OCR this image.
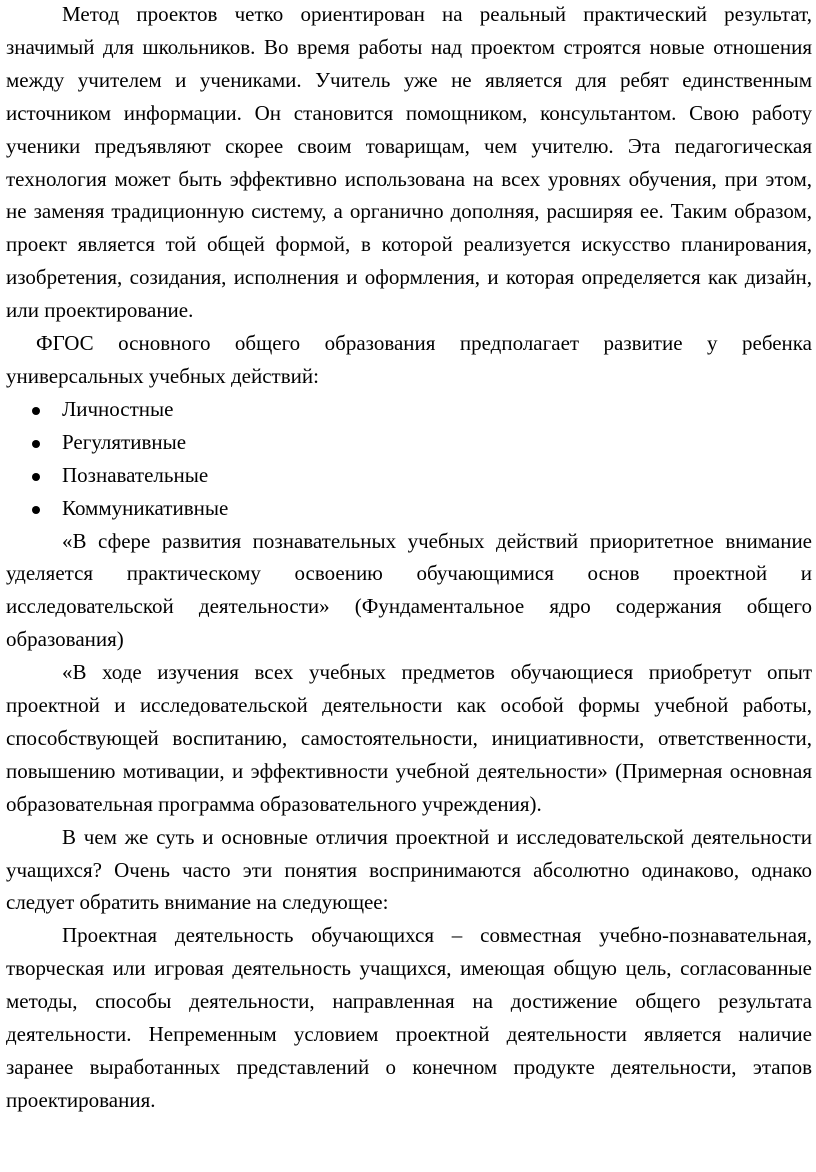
Метод проектов четко ориентирован на реальный практический результат, значимый для школьников. Во время работы над проектом строятся новые отношения между учителем и учениками. Учитель уже не является для ребят единственным источником информации. Он становится помощником, консультантом. Свою работу ученики предъявляют скорее своим товарищам, чем учителю. Эта педагогическая технология может быть эффективно использована на всех уровнях обучения, при этом, не заменяя традиционную систему, а органично дополняя, расширяя ее. Таким образом, проект является той общей формой, в которой реализуется искусство планирования, изобретения, созидания, исполнения и оформления, и которая определяется как дизайн, или проектирование.

ФГОС основного общего образования предполагает развитие у ребенка универсальных учебных действий:

Личностные
Регулятивные
Познавательные
Коммуникативные

«В сфере развития познавательных учебных действий приоритетное внимание уделяется практическому освоению обучающимися основ проектной и исследовательской деятельности» (Фундаментальное ядро содержания общего образования)

«В ходе изучения всех учебных предметов обучающиеся приобретут опыт проектной и исследовательской деятельности как особой формы учебной работы, способствующей воспитанию, самостоятельности, инициативности, ответственности, повышению мотивации, и эффективности учебной деятельности» (Примерная основная образовательная программа образовательного учреждения).

В чем же суть и основные отличия проектной и исследовательской деятельности учащихся? Очень часто эти понятия воспринимаются абсолютно одинаково, однако следует обратить внимание на следующее:

Проектная деятельность обучающихся – совместная учебно-познавательная, творческая или игровая деятельность учащихся, имеющая общую цель, согласованные методы, способы деятельности, направленная на достижение общего результата деятельности. Непременным условием проектной деятельности является наличие заранее выработанных представлений о конечном продукте деятельности, этапов проектирования.
